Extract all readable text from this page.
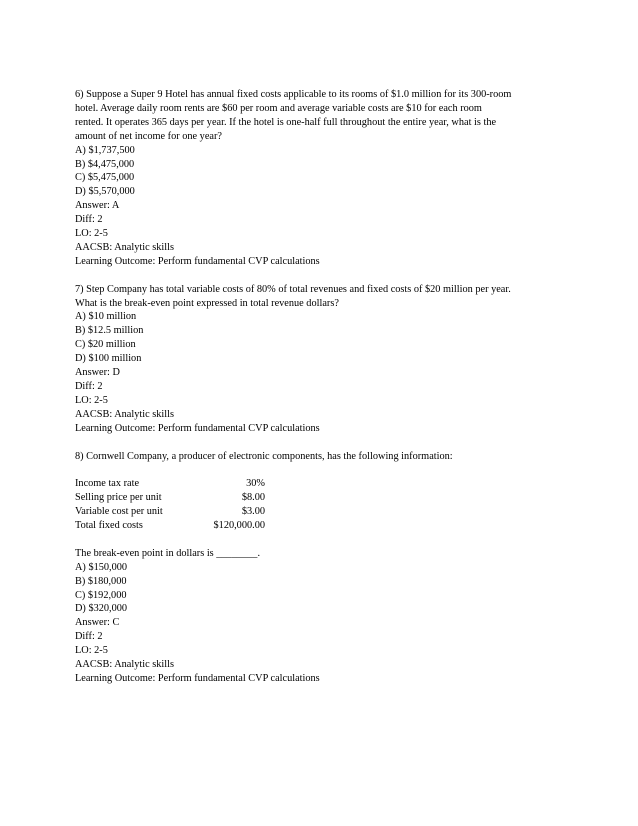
6) Suppose a Super 9 Hotel has annual fixed costs applicable to its rooms of $1.0 million for its 300-room
hotel. Average daily room rents are $60 per room and average variable costs are $10 for each room
rented. It operates 365 days per year. If the hotel is one-half full throughout the entire year, what is the
amount of net income for one year?
A) $1,737,500
B) $4,475,000
C) $5,475,000
D) $5,570,000
Answer: A
Diff: 2
LO: 2-5
AACSB: Analytic skills
Learning Outcome: Perform fundamental CVP calculations
7) Step Company has total variable costs of 80% of total revenues and fixed costs of $20 million per year.
What is the break-even point expressed in total revenue dollars?
A) $10 million
B) $12.5 million
C) $20 million
D) $100 million
Answer: D
Diff: 2
LO: 2-5
AACSB: Analytic skills
Learning Outcome: Perform fundamental CVP calculations
8) Cornwell Company, a producer of electronic components, has the following information:
Income tax rate	30%
Selling price per unit	$8.00
Variable cost per unit	$3.00
Total fixed costs	$120,000.00
The break-even point in dollars is ________.
A) $150,000
B) $180,000
C) $192,000
D) $320,000
Answer: C
Diff: 2
LO: 2-5
AACSB: Analytic skills
Learning Outcome: Perform fundamental CVP calculations
